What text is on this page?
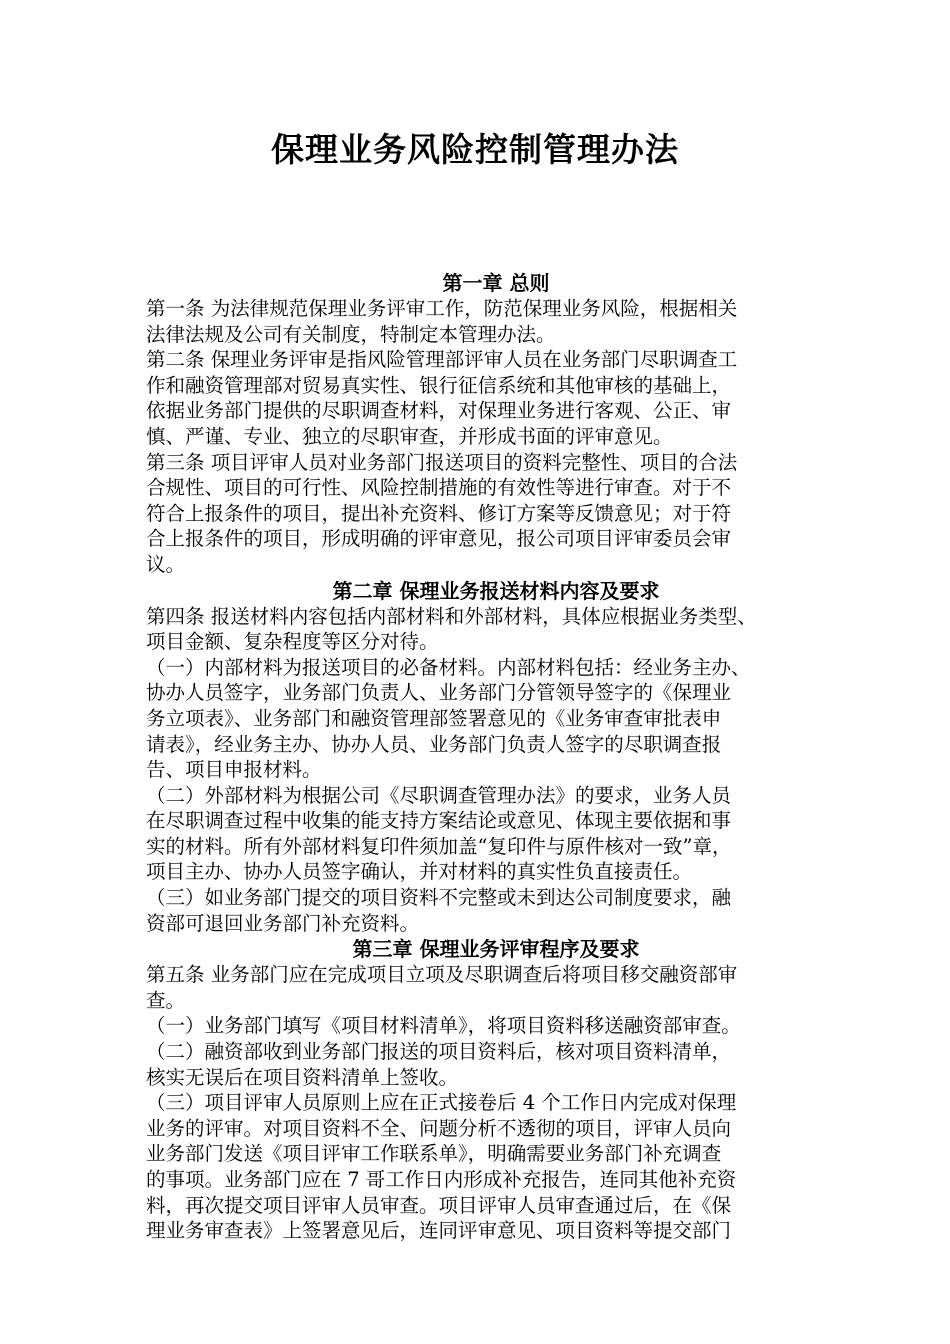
保理业务风险控制管理办法

第一章 总则

第一条 为法律规范保理业务评审工作，防范保理业务风险，根据相关

法律法规及公司有关制度，特制定本管理办法。

第二条 保理业务评审是指风险管理部评审人员在业务部门尽职调查工

作和融资管理部对贸易真实性、银行征信系统和其他审核的基础上，

依据业务部门提供的尽职调查材料，对保理业务进行客观、公正、审

慎、严谨、专业、独立的尽职审查，并形成书面的评审意见。

第三条 项目评审人员对业务部门报送项目的资料完整性、项目的合法

合规性、项目的可行性、风险控制措施的有效性等进行审查。对于不

符合上报条件的项目，提出补充资料、修订方案等反馈意见；对于符

合上报条件的项目，形成明确的评审意见，报公司项目评审委员会审

议。

第二章 保理业务报送材料内容及要求

第四条 报送材料内容包括内部材料和外部材料，具体应根据业务类型、

项目金额、复杂程度等区分对待。

（一）内部材料为报送项目的必备材料。内部材料包括：经业务主办、

协办人员签字，业务部门负责人、业务部门分管领导签字的《保理业

务立项表》、业务部门和融资管理部签署意见的《业务审查审批表申

请表》，经业务主办、协办人员、业务部门负责人签字的尽职调查报

告、项目申报材料。

（二）外部材料为根据公司《尽职调查管理办法》的要求，业务人员

在尽职调查过程中收集的能支持方案结论或意见、体现主要依据和事

实的材料。所有外部材料复印件须加盖“复印件与原件核对一致”章，

项目主办、协办人员签字确认，并对材料的真实性负直接责任。

（三）如业务部门提交的项目资料不完整或未到达公司制度要求，融

资部可退回业务部门补充资料。

第三章 保理业务评审程序及要求

第五条 业务部门应在完成项目立项及尽职调查后将项目移交融资部审

查。

（一）业务部门填写《项目材料清单》，将项目资料移送融资部审查。

（二）融资部收到业务部门报送的项目资料后，核对项目资料清单，

核实无误后在项目资料清单上签收。

（三）项目评审人员原则上应在正式接卷后 4 个工作日内完成对保理

业务的评审。对项目资料不全、问题分析不透彻的项目，评审人员向

业务部门发送《项目评审工作联系单》，明确需要业务部门补充调查

的事项。业务部门应在 7 哥工作日内形成补充报告，连同其他补充资

料，再次提交项目评审人员审查。项目评审人员审查通过后，在《保

理业务审查表》上签署意见后，连同评审意见、项目资料等提交部门
